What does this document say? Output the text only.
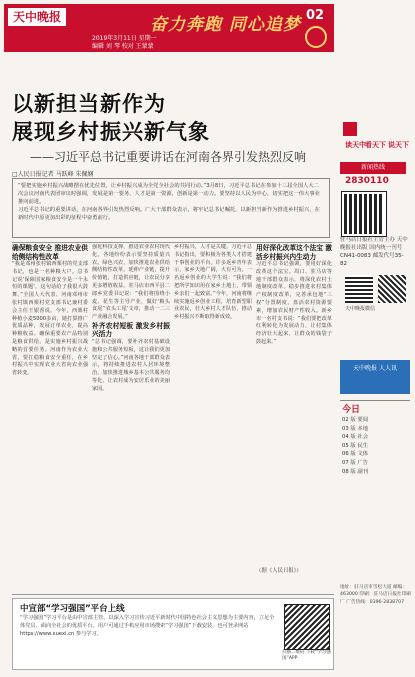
天中晚报	奋力奔跑 同心追梦 02
2019年3月11日 星期一
编辑 刘 琴 校对 王蒙蒙
以新担当新作为
展现乡村振兴新气象
——习近平总书记重要讲话在河南各界引发热烈反响
□人民日报记者 马跃峰 朱佩娴
“要把实施乡村振兴战略摆在优先位置，让乡村振兴成为全党全社会的共同行动。”3月8日，习近平总书记在参加十三届全国人大二次会议河南代表团审议时强调，发展是第一要务，人才是第一资源，创新是第一动力。要坚持以人民为中心，切实把这一伟大事业推向前进。
习近平总书记的重要讲话，在河南各界引发热烈反响。广大干部群众表示，将牢记总书记嘱托，以新担当新作为推进乡村振兴，在新时代中原更加出彩的征程中奋勇前行。
确保粮食安全 推进农业供给侧结构性改革
“我是邓州张村镇西栗村的党支部书记，也是一名种粮大户。总书记说‘保障国家粮食安全是一个永恒的课题’，这句话给了我很大鼓舞。”全国人大代表、河南邓州市张村镇西栗村党支部书记兼村委会主任王银香说。今年，西栗村种植小麦5000多亩，她打算推广优质品种，发展订单农业，提高种粮收益。确保重要农产品特别是粮食供给，是实施乡村振兴战略的首要任务。河南作为农业大省，要扛稳粮食安全重任，在乡村振兴中实现农业大省向农业强省转变。
强化科技支撑，推进农业农村现代化。各地纷纷表示要坚持质量兴农、绿色兴农，加快推进农业供给侧结构性改革，延伸产业链，提升价值链，打造供应链，让农民分享更多增值收益。驻马店市西平县二郎乡党委书记说：“我们将围绕小麦、花生等主导产业，做好‘粮头食尾’‘农头工尾’文章，推动一二三产业融合发展。”
补齐农村短板 激发乡村振兴活力
“总书记强调，要补齐农村基础设施和公共服务短板，这让我们更加坚定了信心。”河南各地干部群众表示，将持续推进农村人居环境整治，加快推进城乡基本公共服务均等化，让农村成为安居乐业的美丽家园。
乡村振兴，人才是关键。习近平总书记指出，要积极为各类人才搭建干事创业的平台。许多返乡青年表示，家乡天地广阔，大有可为。一名返乡创业的大学生说：“我们将把所学知识用在家乡土地上，带领乡亲们一起致富。”今年，河南将继续实施返乡创业工程，培育新型职业农民，壮大乡村人才队伍，推动乡村振兴不断取得新成效。
用好深化改革这个法宝 激活乡村振兴内生动力
习近平总书记强调，要用好深化改革这个法宝。周口、驻马店等地干部群众表示，将深化农村土地制度改革，稳步推进农村集体产权制度改革，完善承包地“三权”分置制度，盘活农村资源要素，增加农民财产性收入。新乡市一名村支书说：“我们要把改革红利转化为发展动力，让村集体经济壮大起来，让群众的钱袋子鼓起来。”
（据《人民日报》）
读天中 看天下 说天下
新闻热线
2830110
驻马店日报社主管主办 天中晚报社出版 国内统一刊号 CN41-0083 邮发代号35-82
天中晚报微信
天中晚报 人人讯
今日
02 版 要闻
03 版 本地
04 版 社会
05 版 民生
06 版 文体
07 版 广告
08 版 副刊
地址：驻马店市雪松大道 邮编：463000 印刷：驻马店日报社印刷厂 广告热线：0396-2838707
中宣部“学习强国”平台上线
“学习强国”学习平台是由中宣部主管，以深入学习宣传习近平新时代中国特色社会主义思想为主要内容，立足全体党员、面向全社会的优质平台。用户可通过手机应用市场搜索“学习强国”下载安装，也可登录网站 https://www.xuexi.cn 参与学习。
扫描二维码 下载“学习强国”APP
